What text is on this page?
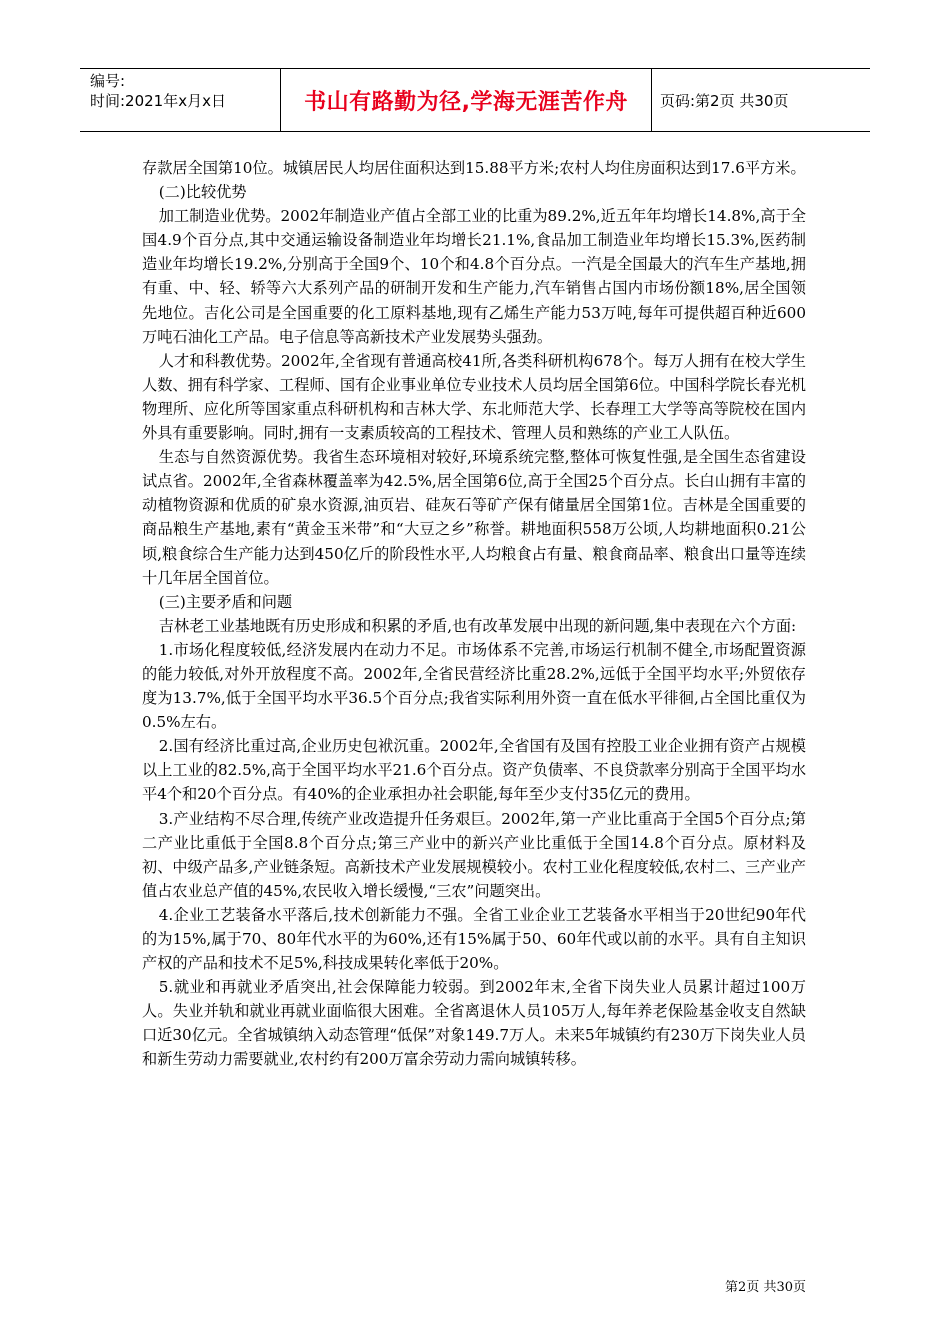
编号:
时间:2021年x月x日	书山有路勤为径,学海无涯苦作舟	页码:第2页 共30页

存款居全国第10位。城镇居民人均居住面积达到15.88平方米;农村人均住房面积达到17.6平方米。

(二)比较优势

加工制造业优势。2002年制造业产值占全部工业的比重为89.2%,近五年年均增长14.8%,高于全国4.9个百分点,其中交通运输设备制造业年均增长21.1%,食品加工制造业年均增长15.3%,医药制造业年均增长19.2%,分别高于全国9个、10个和4.8个百分点。一汽是全国最大的汽车生产基地,拥有重、中、轻、轿等六大系列产品的研制开发和生产能力,汽车销售占国内市场份额18%,居全国领先地位。吉化公司是全国重要的化工原料基地,现有乙烯生产能力53万吨,每年可提供超百种近600万吨石油化工产品。电子信息等高新技术产业发展势头强劲。

人才和科教优势。2002年,全省现有普通高校41所,各类科研机构678个。每万人拥有在校大学生人数、拥有科学家、工程师、国有企业事业单位专业技术人员均居全国第6位。中国科学院长春光机物理所、应化所等国家重点科研机构和吉林大学、东北师范大学、长春理工大学等高等院校在国内外具有重要影响。同时,拥有一支素质较高的工程技术、管理人员和熟练的产业工人队伍。

生态与自然资源优势。我省生态环境相对较好,环境系统完整,整体可恢复性强,是全国生态省建设试点省。2002年,全省森林覆盖率为42.5%,居全国第6位,高于全国25个百分点。长白山拥有丰富的动植物资源和优质的矿泉水资源,油页岩、硅灰石等矿产保有储量居全国第1位。吉林是全国重要的商品粮生产基地,素有“黄金玉米带”和“大豆之乡”称誉。耕地面积558万公顷,人均耕地面积0.21公顷,粮食综合生产能力达到450亿斤的阶段性水平,人均粮食占有量、粮食商品率、粮食出口量等连续十几年居全国首位。

(三)主要矛盾和问题

吉林老工业基地既有历史形成和积累的矛盾,也有改革发展中出现的新问题,集中表现在六个方面:

1.市场化程度较低,经济发展内在动力不足。市场体系不完善,市场运行机制不健全,市场配置资源的能力较低,对外开放程度不高。2002年,全省民营经济比重28.2%,远低于全国平均水平;外贸依存度为13.7%,低于全国平均水平36.5个百分点;我省实际利用外资一直在低水平徘徊,占全国比重仅为0.5%左右。

2.国有经济比重过高,企业历史包袱沉重。2002年,全省国有及国有控股工业企业拥有资产占规模以上工业的82.5%,高于全国平均水平21.6个百分点。资产负债率、不良贷款率分别高于全国平均水平4个和20个百分点。有40%的企业承担办社会职能,每年至少支付35亿元的费用。

3.产业结构不尽合理,传统产业改造提升任务艰巨。2002年,第一产业比重高于全国5个百分点;第二产业比重低于全国8.8个百分点;第三产业中的新兴产业比重低于全国14.8个百分点。原材料及初、中级产品多,产业链条短。高新技术产业发展规模较小。农村工业化程度较低,农村二、三产业产值占农业总产值的45%,农民收入增长缓慢,“三农”问题突出。

4.企业工艺装备水平落后,技术创新能力不强。全省工业企业工艺装备水平相当于20世纪90年代的为15%,属于70、80年代水平的为60%,还有15%属于50、60年代或以前的水平。具有自主知识产权的产品和技术不足5%,科技成果转化率低于20%。

5.就业和再就业矛盾突出,社会保障能力较弱。到2002年末,全省下岗失业人员累计超过100万人。失业并轨和就业再就业面临很大困难。全省离退休人员105万人,每年养老保险基金收支自然缺口近30亿元。全省城镇纳入动态管理“低保”对象149.7万人。未来5年城镇约有230万下岗失业人员和新生劳动力需要就业,农村约有200万富余劳动力需向城镇转移。

第2页 共30页
